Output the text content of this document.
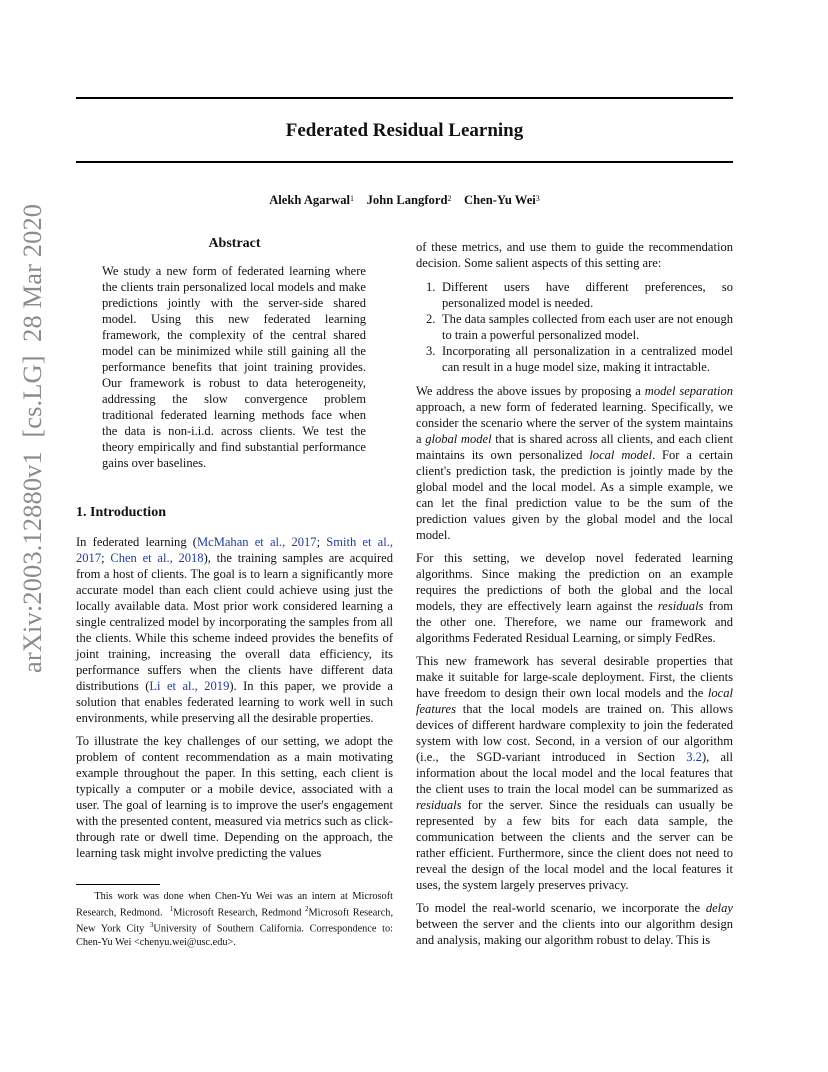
Federated Residual Learning
Alekh Agarwal$^1$ John Langford$^2$ Chen-Yu Wei$^3$
arXiv:2003.12880v1  [cs.LG]  28 Mar 2020	Abstract

We study a new form of federated learning where the clients train personalized local models and make predictions jointly with the server-side shared model. Using this new federated learning framework, the complexity of the central shared model can be minimized while still gaining all the performance benefits that joint training provides. Our framework is robust to data heterogeneity, addressing the slow convergence problem traditional federated learning methods face when the data is non-i.i.d. across clients. We test the theory empirically and find substantial performance gains over baselines.

1. Introduction

In federated learning (McMahan et al., 2017; Smith et al., 2017; Chen et al., 2018), the training samples are acquired from a host of clients. The goal is to learn a significantly more accurate model than each client could achieve using just the locally available data. Most prior work considered learning a single centralized model by incorporating the samples from all the clients. While this scheme indeed provides the benefits of joint training, increasing the overall data efficiency, its performance suffers when the clients have different data distributions (Li et al., 2019). In this paper, we provide a solution that enables federated learning to work well in such environments, while preserving all the desirable properties.

To illustrate the key challenges of our setting, we adopt the problem of content recommendation as a main motivating example throughout the paper. In this setting, each client is typically a computer or a mobile device, associated with a user. The goal of learning is to improve the user's engagement with the presented content, measured via metrics such as click-through rate or dwell time. Depending on the approach, the learning task might involve predicting the values

This work was done when Chen-Yu Wei was an intern at Microsoft Research, Redmond. $^1$Microsoft Research, Redmond $^2$Microsoft Research, New York City $^3$University of Southern California. Correspondence to: Chen-Yu Wei <chenyu.wei@usc.edu>.

of these metrics, and use them to guide the recommendation decision. Some salient aspects of this setting are:

1. Different users have different preferences, so personalized model is needed.
2. The data samples collected from each user are not enough to train a powerful personalized model.
3. Incorporating all personalization in a centralized model can result in a huge model size, making it intractable.

We address the above issues by proposing a model separation approach, a new form of federated learning. Specifically, we consider the scenario where the server of the system maintains a global model that is shared across all clients, and each client maintains its own personalized local model. For a certain client's prediction task, the prediction is jointly made by the global model and the local model. As a simple example, we can let the final prediction value to be the sum of the prediction values given by the global model and the local model.

For this setting, we develop novel federated learning algorithms. Since making the prediction on an example requires the predictions of both the global and the local models, they are effectively learn against the residuals from the other one. Therefore, we name our framework and algorithms Federated Residual Learning, or simply FedRes.

This new framework has several desirable properties that make it suitable for large-scale deployment. First, the clients have freedom to design their own local models and the local features that the local models are trained on. This allows devices of different hardware complexity to join the federated system with low cost. Second, in a version of our algorithm (i.e., the SGD-variant introduced in Section 3.2), all information about the local model and the local features that the client uses to train the local model can be summarized as residuals for the server. Since the residuals can usually be represented by a few bits for each data sample, the communication between the clients and the server can be rather efficient. Furthermore, since the client does not need to reveal the design of the local model and the local features it uses, the system largely preserves privacy.

To model the real-world scenario, we incorporate the delay between the server and the clients into our algorithm design and analysis, making our algorithm robust to delay. This is
